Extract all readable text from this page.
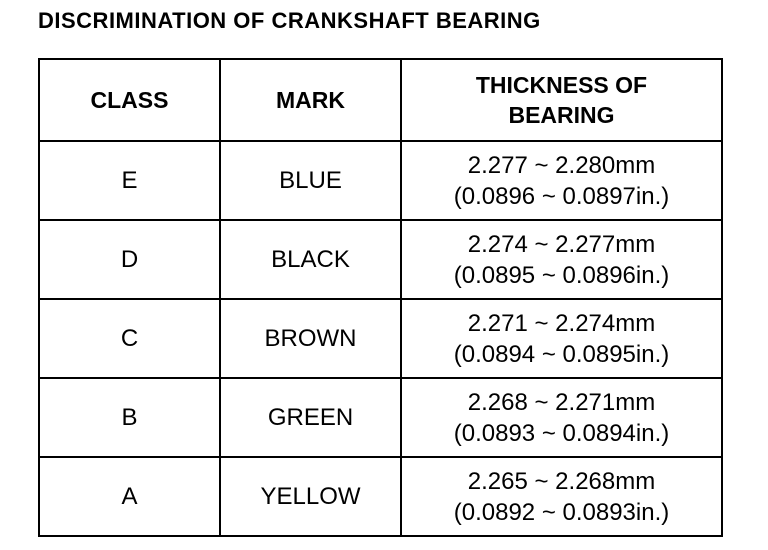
DISCRIMINATION OF CRANKSHAFT BEARING
CLASS	MARK	THICKNESS OF
BEARING

E	BLUE	2.277 ~ 2.280mm
(0.0896 ~ 0.0897in.)

D	BLACK	2.274 ~ 2.277mm
(0.0895 ~ 0.0896in.)

C	BROWN	2.271 ~ 2.274mm
(0.0894 ~ 0.0895in.)

B	GREEN	2.268 ~ 2.271mm
(0.0893 ~ 0.0894in.)

A	YELLOW	2.265 ~ 2.268mm
(0.0892 ~ 0.0893in.)
